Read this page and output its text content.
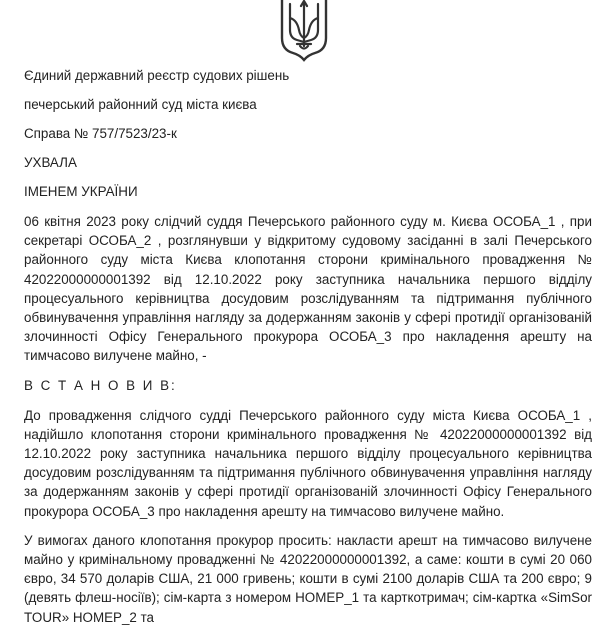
Єдиний державний реєстр судових рішень

печерський районний суд міста києва

Справа № 757/7523/23-к

УХВАЛА

ІМЕНЕМ УКРАЇНИ

06 квітня 2023 року слідчий суддя Печерського районного суду м. Києва ОСОБА_1 , при секретарі ОСОБА_2 , розглянувши у відкритому судовому засіданні в залі Печерського районного суду міста Києва клопотання сторони кримінального провадження № 42022000000001392 від 12.10.2022 року заступника начальника першого відділу процесуального керівництва досудовим розслідуванням та підтримання публічного обвинувачення управління нагляду за додержанням законів у сфері протидії організованій злочинності Офісу Генерального прокурора ОСОБА_3 про накладення арешту на тимчасово вилучене майно, -

В С Т А Н О В И В:

До провадження слідчого судді Печерського районного суду міста Києва ОСОБА_1 , надійшло клопотання сторони кримінального провадження № 42022000000001392 від 12.10.2022 року заступника начальника першого відділу процесуального керівництва досудовим розслідуванням та підтримання публічного обвинувачення управління нагляду за додержанням законів у сфері протидії організованій злочинності Офісу Генерального прокурора ОСОБА_3 про накладення арешту на тимчасово вилучене майно.

У вимогах даного клопотання прокурор просить: накласти арешт на тимчасово вилучене майно у кримінальному провадженні № 42022000000001392, а саме: кошти в сумі 20 060 євро, 34 570 доларів США, 21 000 гривень; кошти в сумі 2100 доларів США та 200 євро; 9 (девять флеш-носіїв); сім-карта з номером НОМЕР_1 та карткотримач; сім-картка «SimSor TOUR» НОМЕР_2 та
